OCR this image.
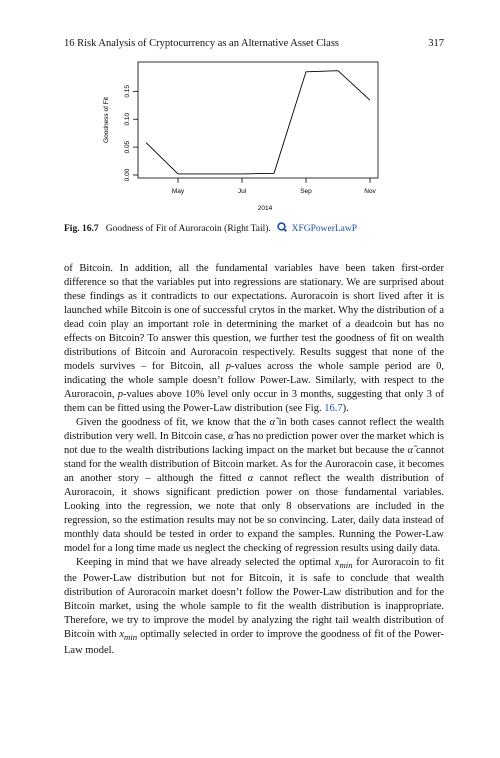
16 Risk Analysis of Cryptocurrency as an Alternative Asset Class	317
0.00
0.05
0.10
0.15
May	Jul	Sep	Nov
Goodness of Fit
2014
Fig. 16.7 Goodness of Fit of Auroracoin (Right Tail). XFGPowerLawP

of Bitcoin. In addition, all the fundamental variables have been taken first-order difference so that the variables put into regressions are stationary. We are surprised about these findings as it contradicts to our expectations. Auroracoin is short lived after it is launched while Bitcoin is one of successful crytos in the market. Why the distribution of a dead coin play an important role in determining the market of a deadcoin but has no effects on Bitcoin? To answer this question, we further test the goodness of fit on wealth distributions of Bitcoin and Auroracoin respectively. Results suggest that none of the models survives – for Bitcoin, all p-values across the whole sample period are 0, indicating the whole sample doesn’t follow Power-Law. Similarly, with respect to the Auroracoin, p-values above 10% level only occur in 3 months, suggesting that only 3 of them can be fitted using the Power-Law distribution (see Fig. 16.7).

Given the goodness of fit, we know that the α̂ in both cases cannot reflect the wealth distribution very well. In Bitcoin case, α̂ has no prediction power over the market which is not due to the wealth distributions lacking impact on the market but because the α̂ cannot stand for the wealth distribution of Bitcoin market. As for the Auroracoin case, it becomes an another story – although the fitted α cannot reflect the wealth distribution of Auroracoin, it shows significant prediction power on those fundamental variables. Looking into the regression, we note that only 8 observations are included in the regression, so the estimation results may not be so convincing. Later, daily data instead of monthly data should be tested in order to expand the samples. Running the Power-Law model for a long time made us neglect the checking of regression results using daily data.

Keeping in mind that we have already selected the optimal $x_{min}$ for Auroracoin to fit the Power-Law distribution but not for Bitcoin, it is safe to conclude that wealth distribution of Auroracoin market doesn’t follow the Power-Law distribution and for the Bitcoin market, using the whole sample to fit the wealth distribution is inappropriate. Therefore, we try to improve the model by analyzing the right tail wealth distribution of Bitcoin with $x_{min}$ optimally selected in order to improve the goodness of fit of the Power-Law model.
